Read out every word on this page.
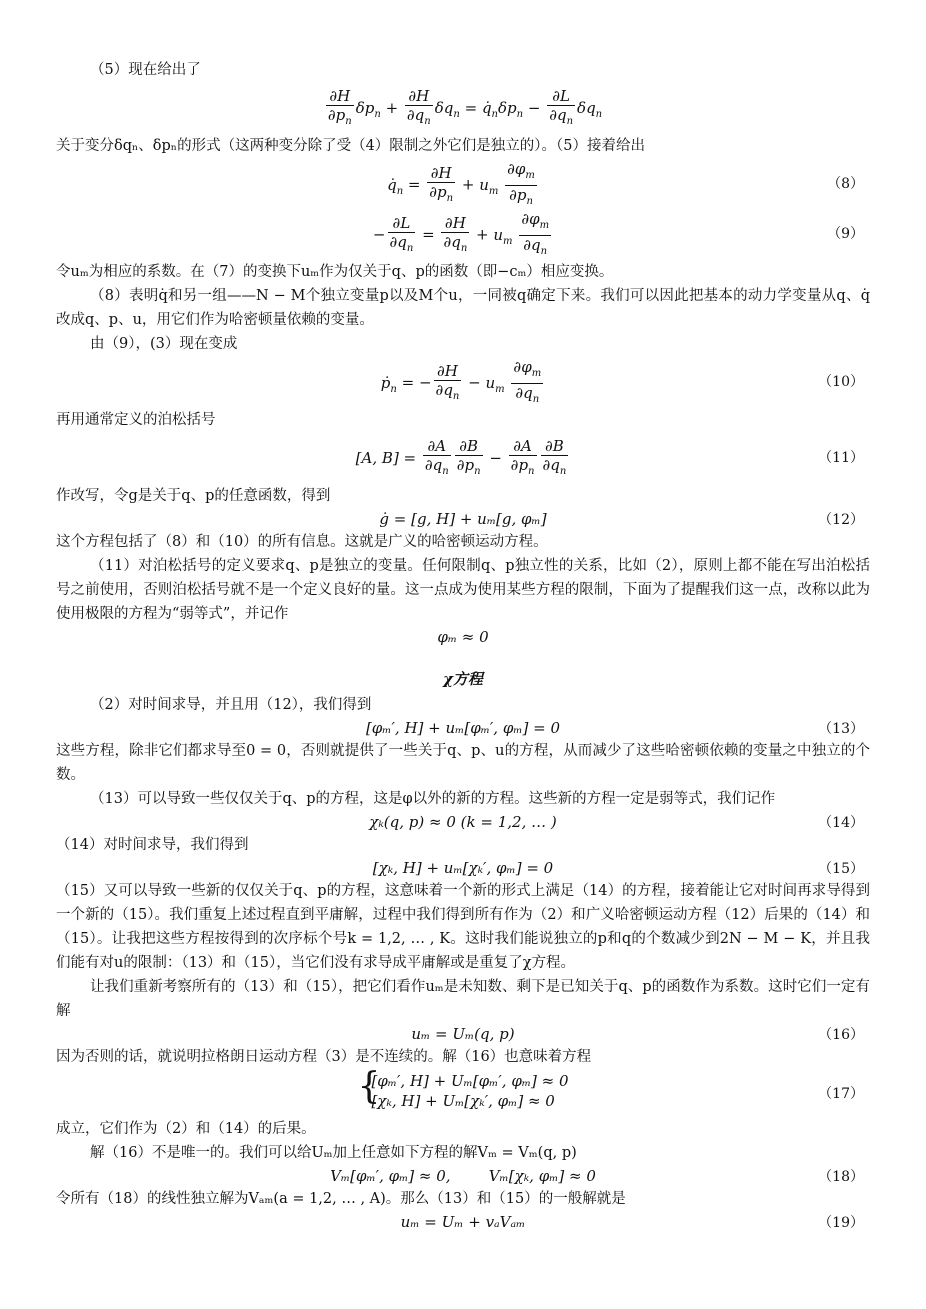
（5）现在给出了

$\frac{\partial H}{\partial p_n} \delta p_n + \frac{\partial H}{\partial q_n} \delta q_n$ = $q̇_n\delta p_n - \frac{\partial L}{\partial q_n} \delta q_n$

关于变分δqₙ、δpₙ的形式（这两种变分除了受（4）限制之外它们是独立的）。（5）接着给出

$q̇_n = \frac{\partial H}{\partial p_n} + u_m \frac{\partial\varphi_m}{\partial p_n}$	（8）
− $\frac{\partial L}{\partial q_n} = \frac{\partial H}{\partial q_n} + u_m \frac{\partial\varphi_m}{\partial q_n}$	（9）

令uₘ为相应的系数。在（7）的变换下uₘ作为仅关于q、p的函数（即−cₘ）相应变换。

（8）表明q̇和另一组——N − M个独立变量p以及M个u，一同被q确定下来。我们可以因此把基本的动力学变量从q、q̇改成q、p、u，用它们作为哈密顿量依赖的变量。

由（9），(3）现在变成

ṗ$_n$ = − $\frac{\partial H}{\partial q_n} - u_m \frac{\partial\varphi_m}{\partial q_n}$	（10）

再用通常定义的泊松括号

[A, $B] = \frac{\partial A}{\partial q_n} \frac{\partial B}{\partial p_n} - \frac{\partial A}{\partial p_n} \frac{\partial B}{\partial q_n}$	（11）

作改写，令g是关于q、p的任意函数，得到

ġ = [g, H] + uₘ[g, φₘ]	（12）

这个方程包括了（8）和（10）的所有信息。这就是广义的哈密顿运动方程。

（11）对泊松括号的定义要求q、p是独立的变量。任何限制q、p独立性的关系，比如（2），原则上都不能在写出泊松括号之前使用，否则泊松括号就不是一个定义良好的量。这一点成为使用某些方程的限制，下面为了提醒我们这一点，改称以此为使用极限的方程为“弱等式”，并记作

φₘ ≈ 0
χ方程

（2）对时间求导，并且用（12），我们得到

[φₘ′, H] + uₘ[φₘ′, φₘ] = 0	（13）

这些方程，除非它们都求导至0 = 0，否则就提供了一些关于q、p、u的方程，从而减少了这些哈密顿依赖的变量之中独立的个数。

（13）可以导致一些仅仅关于q、p的方程，这是φ以外的新的方程。这些新的方程一定是弱等式，我们记作

χₖ(q, p) ≈ 0 (k = 1,2, … )	（14）

（14）对时间求导，我们得到

[χₖ, H] + uₘ[χₖ′, φₘ] = 0	（15）

（15）又可以导致一些新的仅仅关于q、p的方程，这意味着一个新的形式上满足（14）的方程，接着能让它对时间再求导得到一个新的（15）。我们重复上述过程直到平庸解，过程中我们得到所有作为（2）和广义哈密顿运动方程（12）后果的（14）和（15）。让我把这些方程按得到的次序标个号k = 1,2, … , K。这时我们能说独立的p和q的个数减少到2N − M − K，并且我们能有对u的限制：（13）和（15），当它们没有求导成平庸解或是重复了χ方程。

让我们重新考察所有的（13）和（15），把它们看作uₘ是未知数、剩下是已知关于q、p的函数作为系数。这时它们一定有解

uₘ = Uₘ(q, p)	（16）

因为否则的话，就说明拉格朗日运动方程（3）是不连续的。解（16）也意味着方程

{ [φₘ′, H] + Uₘ[φₘ′, φₘ] ≈ 0
[χₖ, H] + Uₘ[χₖ′, φₘ] ≈ 0	（17）

成立，它们作为（2）和（14）的后果。

解（16）不是唯一的。我们可以给Uₘ加上任意如下方程的解Vₘ = Vₘ(q, p)

Vₘ[φₘ′, φₘ] ≈ 0,        Vₘ[χₖ, φₘ] ≈ 0	（18）

令所有（18）的线性独立解为Vₐₘ(a = 1,2, … , A)。那么（13）和（15）的一般解就是

uₘ = Uₘ + vₐVₐₘ	（19）
